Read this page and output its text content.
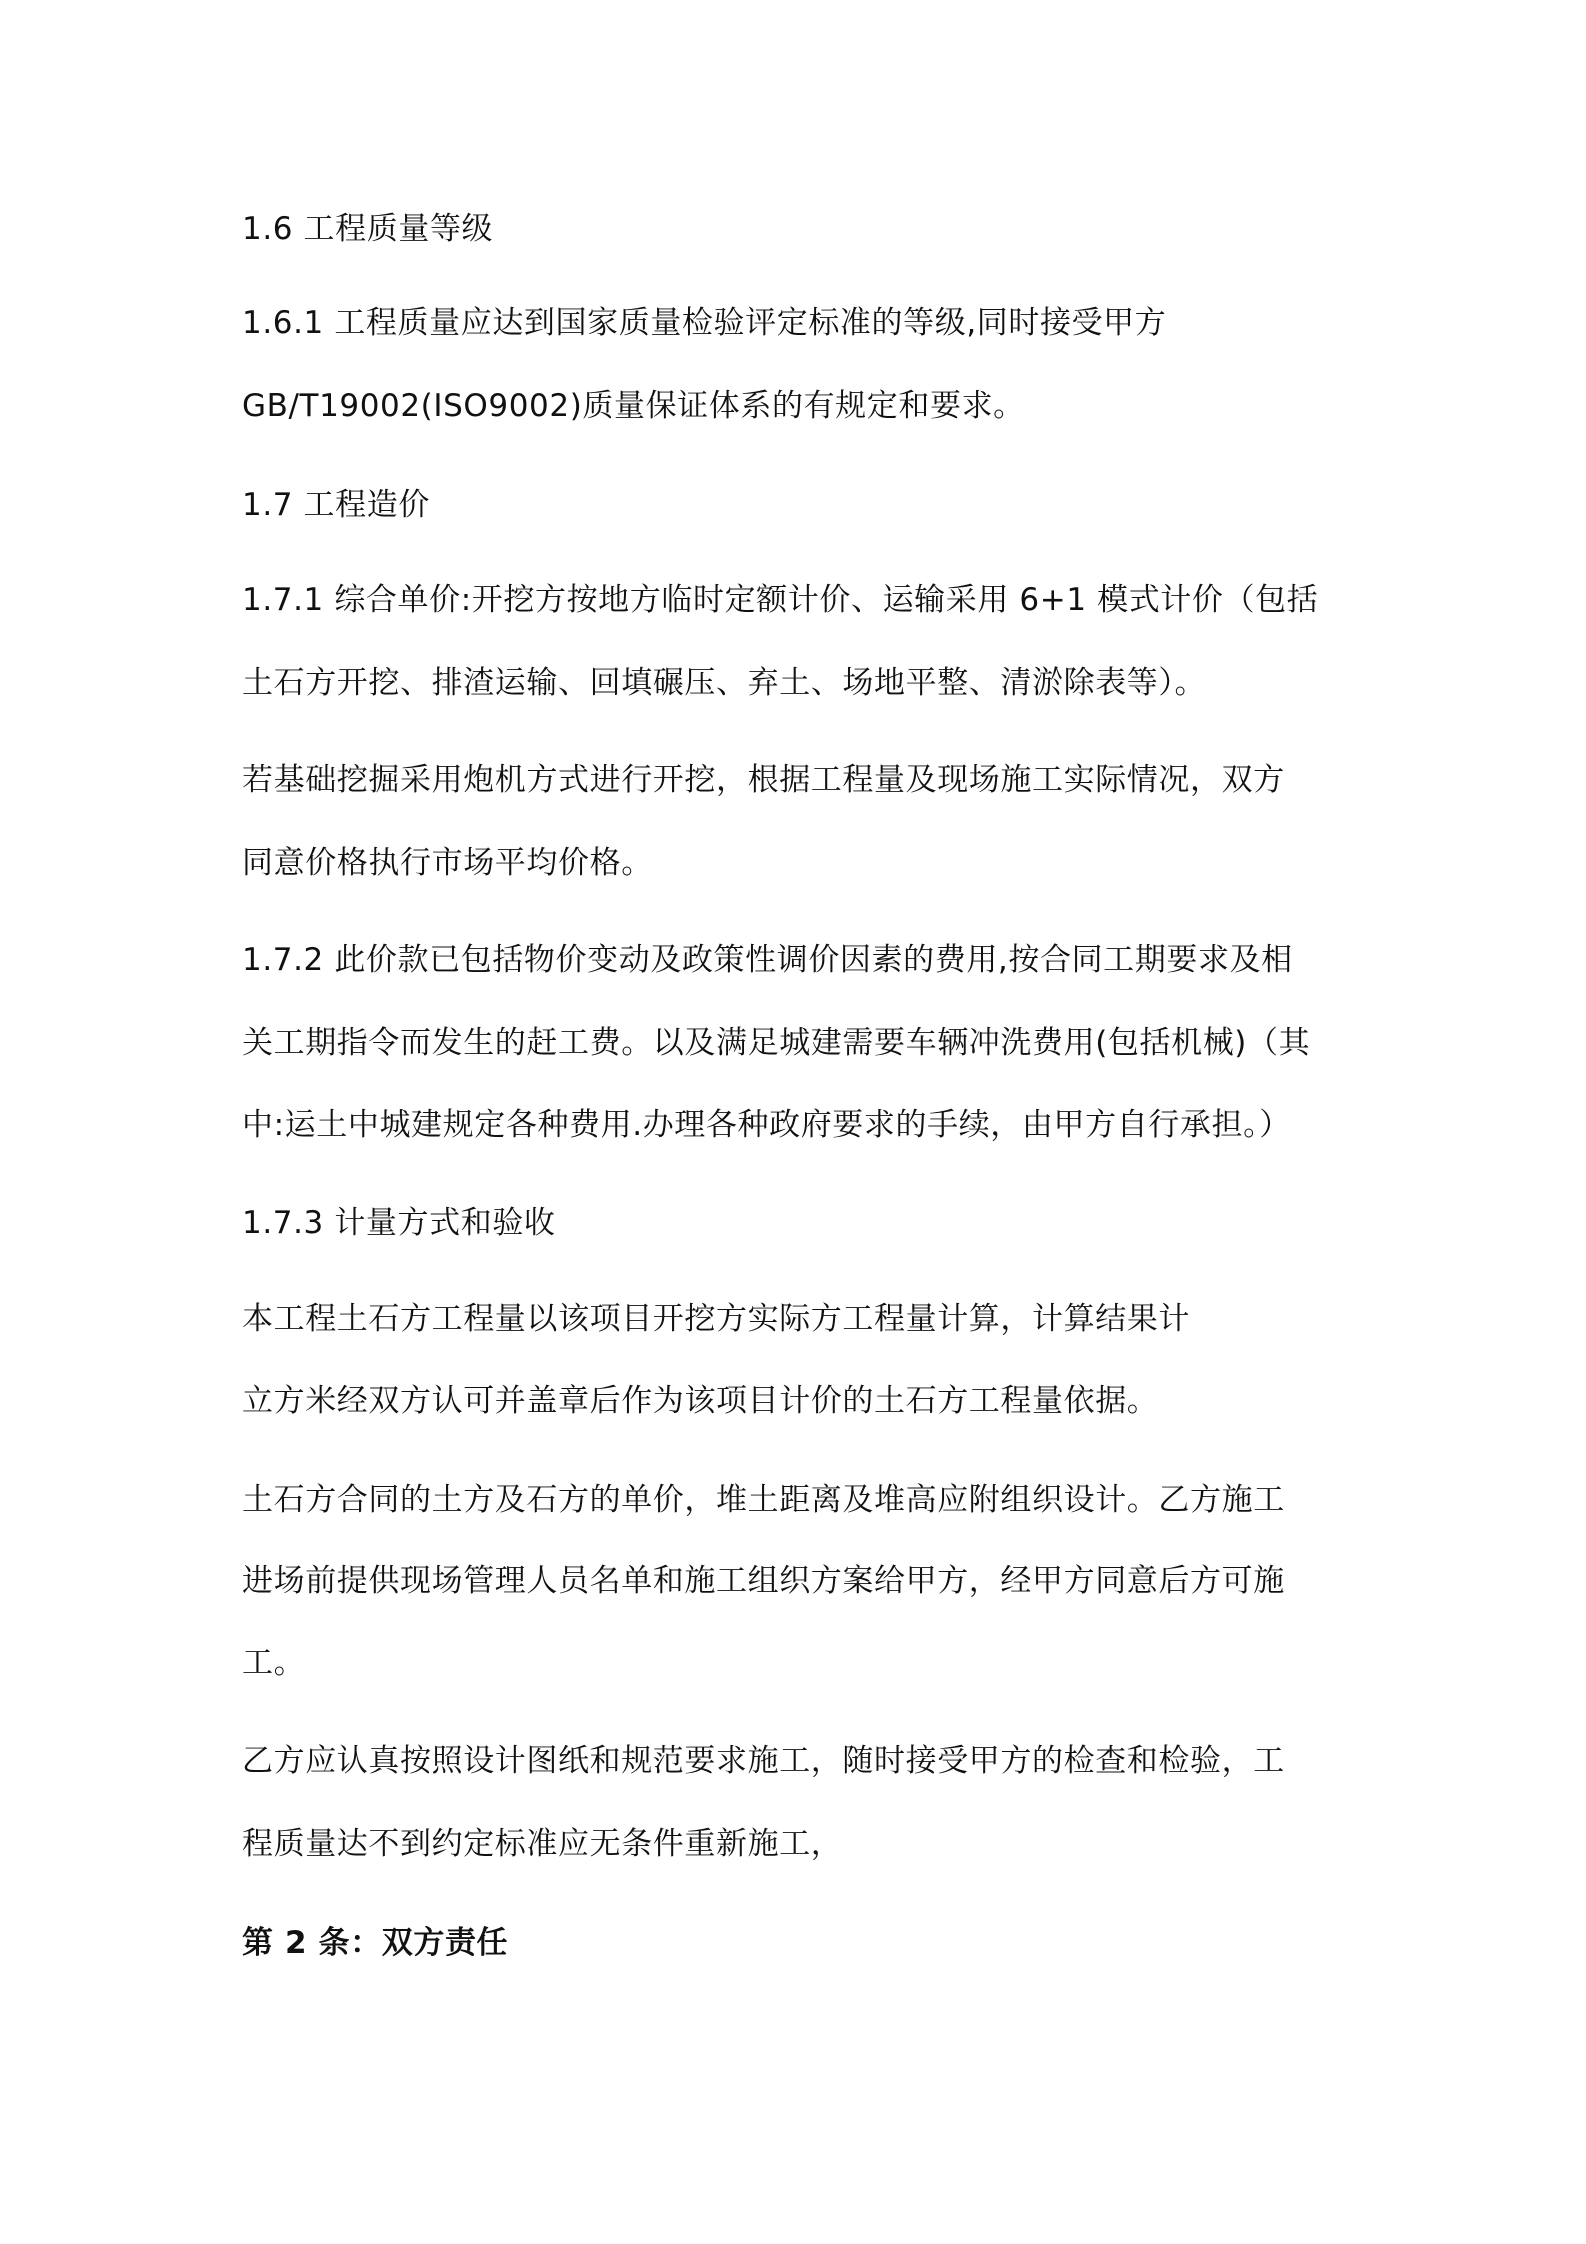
1.6 工程质量等级
1.6.1 工程质量应达到国家质量检验评定标准的等级,同时接受甲方
GB/T19002(ISO9002)质量保证体系的有规定和要求。
1.7 工程造价
1.7.1 综合单价:开挖方按地方临时定额计价、运输采用 6+1 模式计价（包括
土石方开挖、排渣运输、回填碾压、弃土、场地平整、清淤除表等）。
若基础挖掘采用炮机方式进行开挖，根据工程量及现场施工实际情况，双方
同意价格执行市场平均价格。
1.7.2 此价款已包括物价变动及政策性调价因素的费用,按合同工期要求及相
关工期指令而发生的赶工费。以及满足城建需要车辆冲洗费用(包括机械)（其
中:运土中城建规定各种费用.办理各种政府要求的手续，由甲方自行承担。）
1.7.3 计量方式和验收
本工程土石方工程量以该项目开挖方实际方工程量计算，计算结果计
立方米经双方认可并盖章后作为该项目计价的土石方工程量依据。
土石方合同的土方及石方的单价，堆土距离及堆高应附组织设计。乙方施工
进场前提供现场管理人员名单和施工组织方案给甲方，经甲方同意后方可施
工。
乙方应认真按照设计图纸和规范要求施工，随时接受甲方的检查和检验，工
程质量达不到约定标准应无条件重新施工，
第 2 条：双方责任
